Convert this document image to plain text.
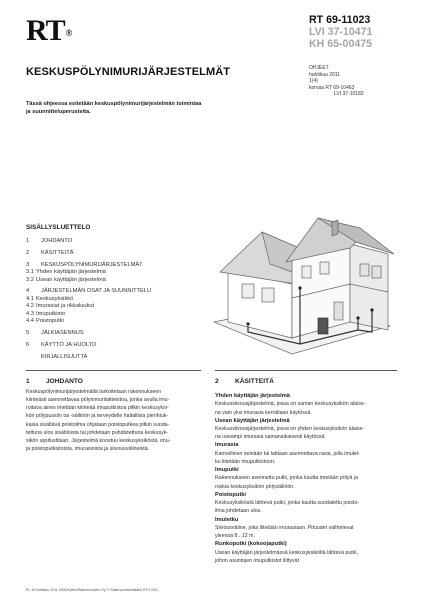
RT®
RT 69-11023
LVI 37-10471
KH 65-00475
OHJEET
huhtikuu 2011
1(4)
korvaa RT 69-10463
LVI 37-10182
KESKUSPÖLYNIMURIJÄRJESTELMÄT
Tässä ohjeessa esitetään keskuspölynimurijärjestelmän toimintaa
ja suunnitteluperusteita.
SISÄLLYSLUETTELO
1	JOHDANTO
2	KÄSITTEITÄ
3	KESKUSPÖLYNIMURIJÄRJESTELMÄT
3.1 Yhden käyttäjän järjestelmä
3.2 Usean käyttäjän järjestelmä
4	JÄRJESTELMÄN OSAT JA SUUNNITTELU
4.1 Keskusyksikkö
4.2 Imurasiat ja rikkaluukut
4.3 Imuputkisto
4.4 Poistoputki
5	JÄLKIASENNUS
6	KÄYTTÖ JA HUOLTO
KIRJALLISUUTTA
1 JOHDANTO
Keskuspölynimurijärjestelmällä tarkoitetaan rakennukseen
kiinteästi asennettavaa pölynimurilaitteistoa, jonka avulla imu-
roitava aines imetään kiinteää imuputkistoa pitkin keskusyksi-
kön pölypussiin tai -säiliöön ja terveydelle haitallisia pienhiuk-
kasia sisältävä poistoilma ohjataan poistoputkea pitkin suoda-
tettuna ulos sisätiloista tai johdetaan puhdistettuna keskusyk-
sikön sijoitustilaan. Järjestelmä koostuu keskusyksiköstä, imu-
ja poistoputkistoista, imurasioista ja siivousvälineistä.
2 KÄSITTEITÄ
Yhden käyttäjän järjestelmä
Keskussiivousjärjestelmä, jossa on saman keskusyksikön alaise-
na vain yksi imurasia kerrallaan käytössä.
Usean käyttäjän järjestelmä
Keskussiivousjärjestelmä, jossa on yhden keskusyksikön alaise-
na useampi imurasia samanaikaisesti käytössä.
Imurasia
Kannellinen seinään tai lattiaan asennettava rasia, jolla imulet-
ku liitetään imuputkistoon.
Imuputki
Rakennukseen asennettu putki, jonka kautta imetään pölyä ja
roskia keskusyksikön pölysäiliöön.
Poistoputki
Keskusyksiköstä lähtevä putki, jonka kautta suodatettu poisto-
ilma johdetaan ulos.
Imuletku
Siivousväline, joka liitetään imurasiaan. Pituudet vaihtelevat
yleensä 8...12 m.
Runkoputki (kokoojaputki)
Usean käyttäjän järjestelmässä keskusyksiköltä lähtevä putki,
johon asuntojen imuputkistot liittyvät
PL 15 huhtikuu 2011 1800/Kytkin/Rakennustieto Oy © Rakennustietosäätiö RTS 2011
